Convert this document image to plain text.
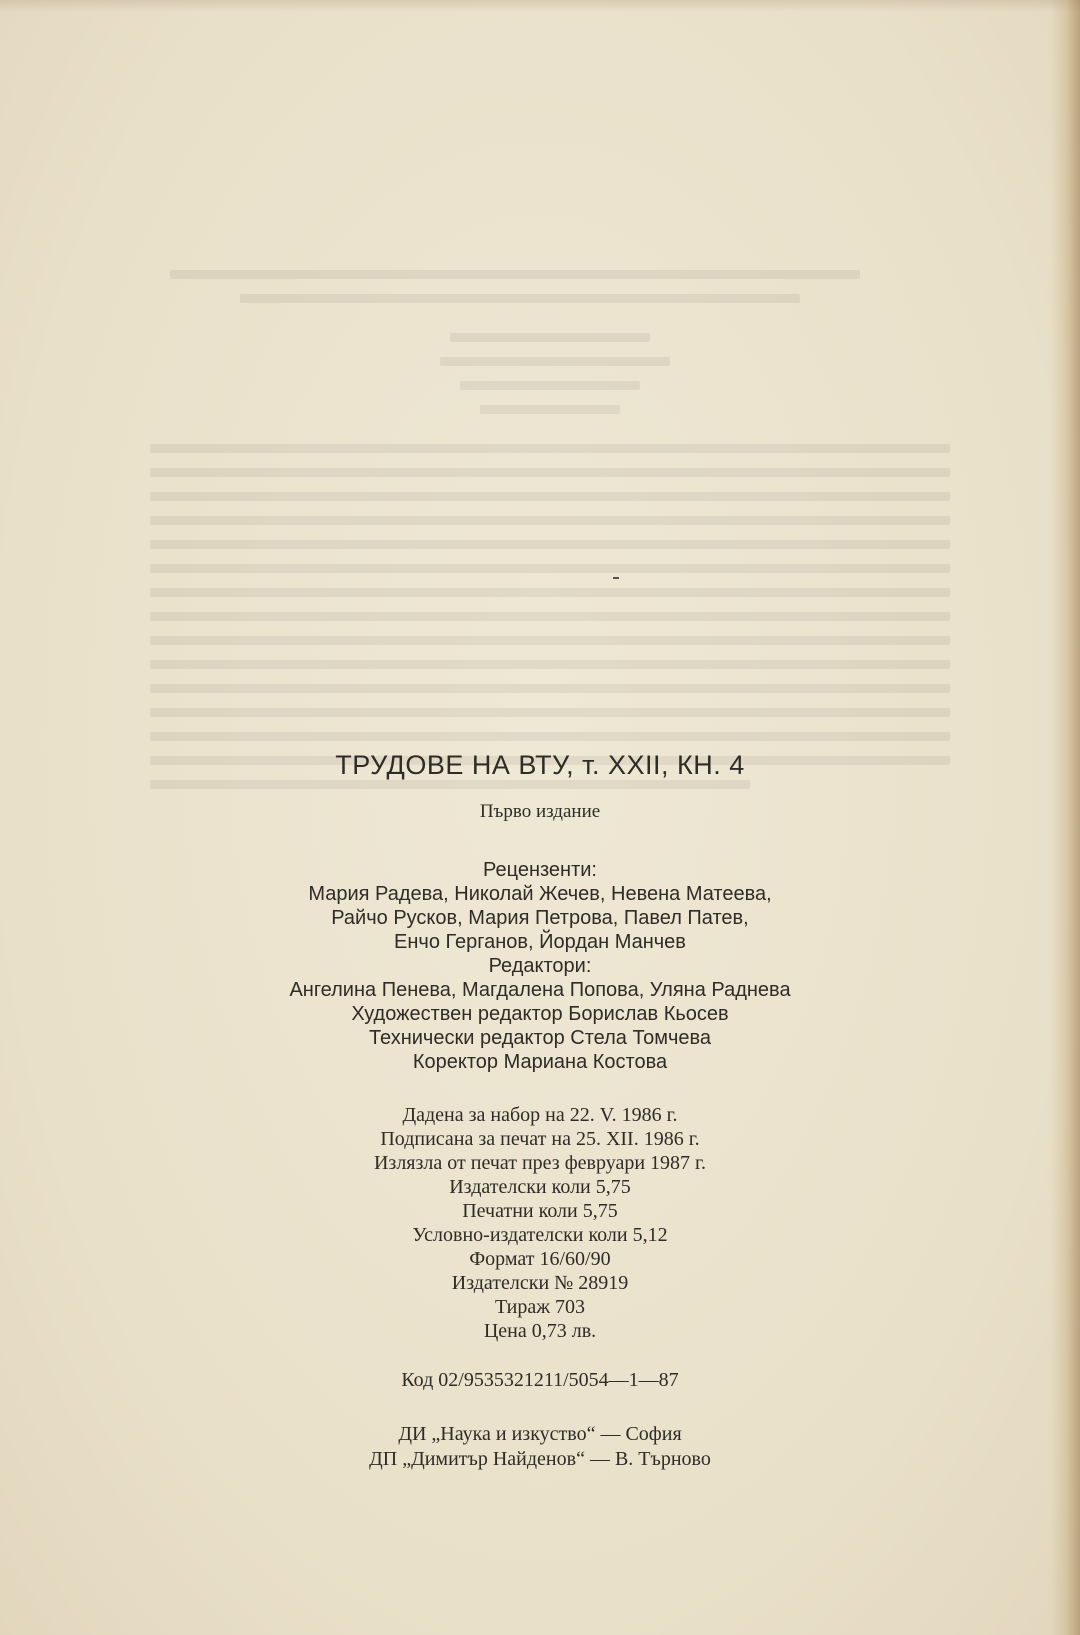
ТРУДОВЕ НА ВТУ, т. XXII, КН. 4
Първо издание
Рецензенти:
Мария Радева, Николай Жечев, Невена Матеева,
Райчо Русков, Мария Петрова, Павел Патев,
Енчо Герганов, Йордан Манчев
Редактори:
Ангелина Пенева, Магдалена Попова, Уляна Раднева
Художествен редактор Борислав Кьосев
Технически редактор Стела Томчева
Коректор Мариана Костова
Дадена за набор на 22. V. 1986 г.
Подписана за печат на 25. XII. 1986 г.
Излязла от печат през февруари 1987 г.
Издателски коли 5,75
Печатни коли 5,75
Условно-издателски коли 5,12
Формат 16/60/90
Издателски № 28919
Тираж 703
Цена 0,73 лв.
Код 02/9535321211/5054—1—87
ДИ „Наука и изкуство“ — София
ДП „Димитър Найденов“ — В. Търново
